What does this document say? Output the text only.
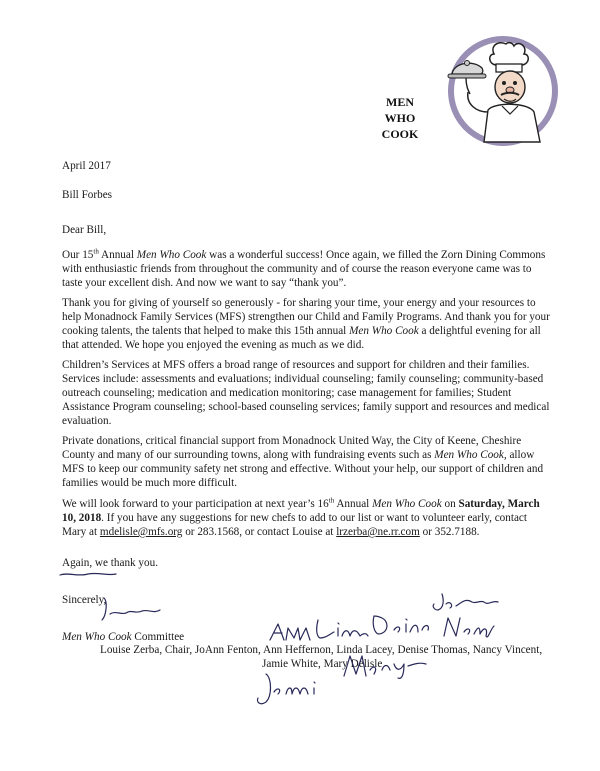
MEN
WHO
COOK
April 2017
Bill Forbes
Dear Bill,
Our 15th Annual Men Who Cook was a wonderful success! Once again, we filled the Zorn Dining Commons with enthusiastic friends from throughout the community and of course the reason everyone came was to taste your excellent dish. And now we want to say “thank you”.
Thank you for giving of yourself so generously - for sharing your time, your energy and your resources to help Monadnock Family Services (MFS) strengthen our Child and Family Programs. And thank you for your cooking talents, the talents that helped to make this 15th annual Men Who Cook a delightful evening for all that attended. We hope you enjoyed the evening as much as we did.
Children’s Services at MFS offers a broad range of resources and support for children and their families. Services include: assessments and evaluations; individual counseling; family counseling; community-based outreach counseling; medication and medication monitoring; case management for families; Student Assistance Program counseling; school-based counseling services; family support and resources and medical evaluation.
Private donations, critical financial support from Monadnock United Way, the City of Keene, Cheshire County and many of our surrounding towns, along with fundraising events such as Men Who Cook, allow MFS to keep our community safety net strong and effective. Without your help, our support of children and families would be much more difficult.
We will look forward to your participation at next year’s 16th Annual Men Who Cook on Saturday, March 10, 2018. If you have any suggestions for new chefs to add to our list or want to volunteer early, contact Mary at mdelisle@mfs.org or 283.1568, or contact Louise at lrzerba@ne.rr.com or 352.7188.
Again, we thank you.
Sincerely,
Men Who Cook Committee
Louise Zerba, Chair, JoAnn Fenton, Ann Heffernon, Linda Lacey, Denise Thomas, Nancy Vincent,
Jamie White, Mary Delisle
